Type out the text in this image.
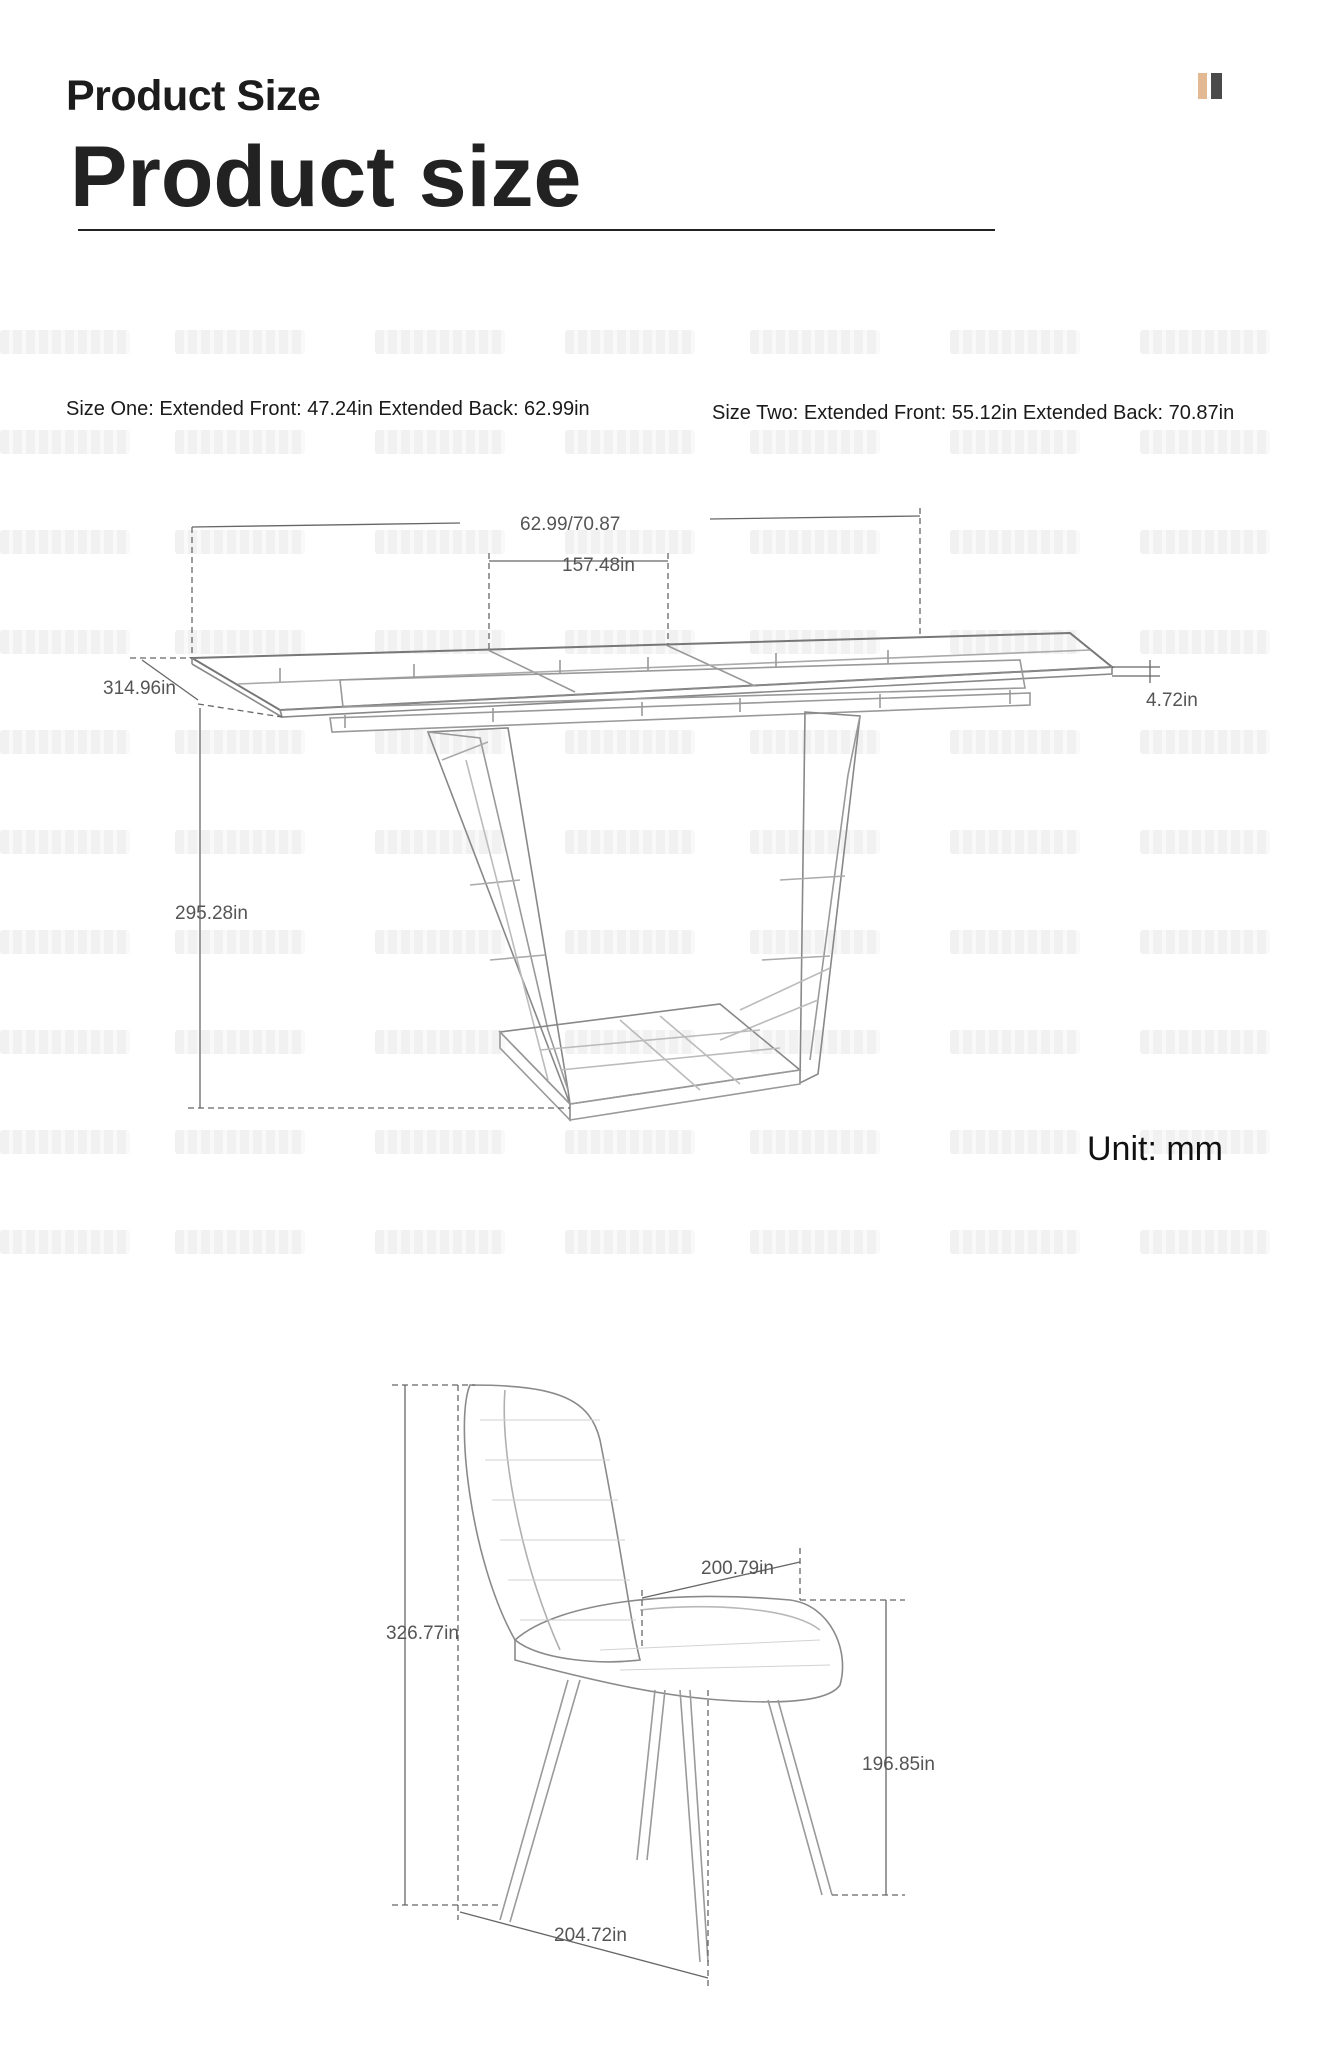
Product Size
Product size
Size One: Extended Front: 47.24in Extended Back: 62.99in	Size Two: Extended Front: 55.12in Extended Back: 70.87in
62.99/70.87
157.48in
314.96in
4.72in
295.28in
Unit: mm
326.77in
200.79in
196.85in
204.72in
